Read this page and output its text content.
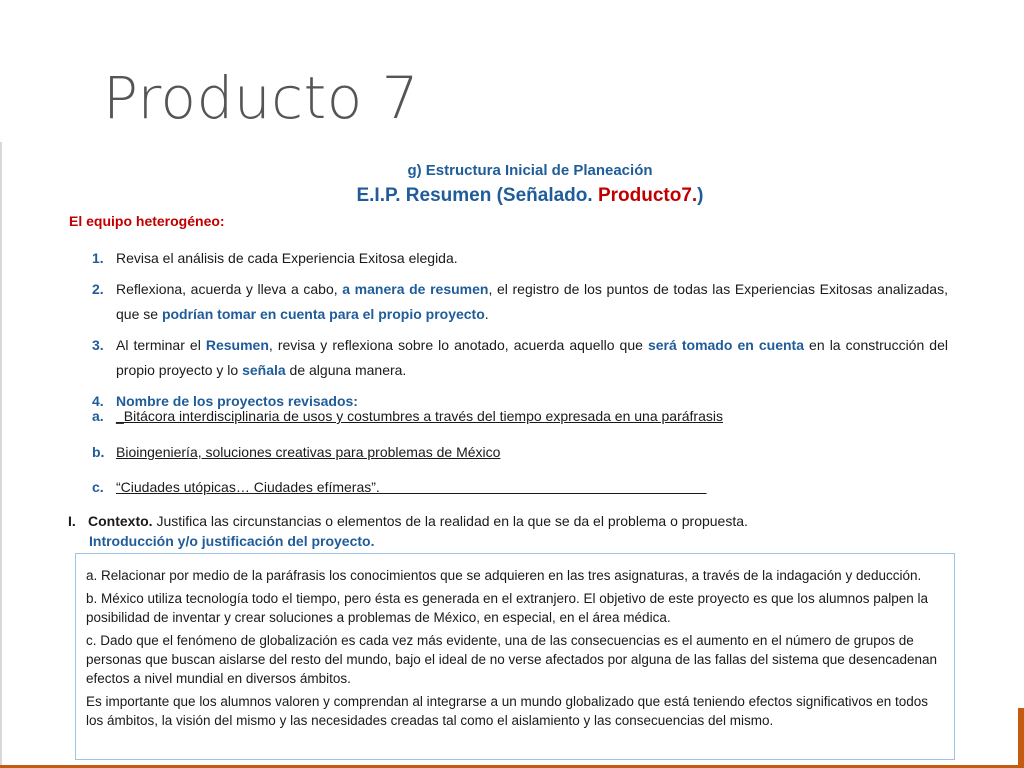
Producto 7
g) Estructura Inicial de Planeación
E.I.P. Resumen (Señalado. Producto7.)
El equipo heterogéneo:
1. Revisa el análisis de cada Experiencia Exitosa elegida.
2. Reflexiona, acuerda y lleva a cabo, a manera de resumen, el registro de los puntos de todas las Experiencias Exitosas analizadas, que se podrían tomar en cuenta para el propio proyecto.
3. Al terminar el Resumen, revisa y reflexiona sobre lo anotado, acuerda aquello que será tomado en cuenta en la construcción del propio proyecto y lo señala de alguna manera.
4. Nombre de los proyectos revisados:
a. _Bitácora interdisciplinaria de usos y costumbres a través del tiempo expresada en una paráfrasis
b. Bioingeniería, soluciones creativas para problemas de México
c. “Ciudades utópicas… Ciudades efímeras”.
I. Contexto. Justifica las circunstancias o elementos de la realidad en la que se da el problema o propuesta.
Introducción y/o justificación del proyecto.

a. Relacionar por medio de la paráfrasis los conocimientos que se adquieren en las tres asignaturas, a través de la indagación y deducción.

b. México utiliza tecnología todo el tiempo, pero ésta es generada en el extranjero. El objetivo de este proyecto es que los alumnos palpen la posibilidad de inventar y crear soluciones a problemas de México, en especial, en el área médica.

c. Dado que el fenómeno de globalización es cada vez más evidente, una de las consecuencias es el aumento en el número de grupos de personas que buscan aislarse del resto del mundo, bajo el ideal de no verse afectados por alguna de las fallas del sistema que desencadenan efectos a nivel mundial en diversos ámbitos.

Es importante que los alumnos valoren y comprendan al integrarse a un mundo globalizado que está teniendo efectos significativos en todos los ámbitos, la visión del mismo y las necesidades creadas tal como el aislamiento y las consecuencias del mismo.
